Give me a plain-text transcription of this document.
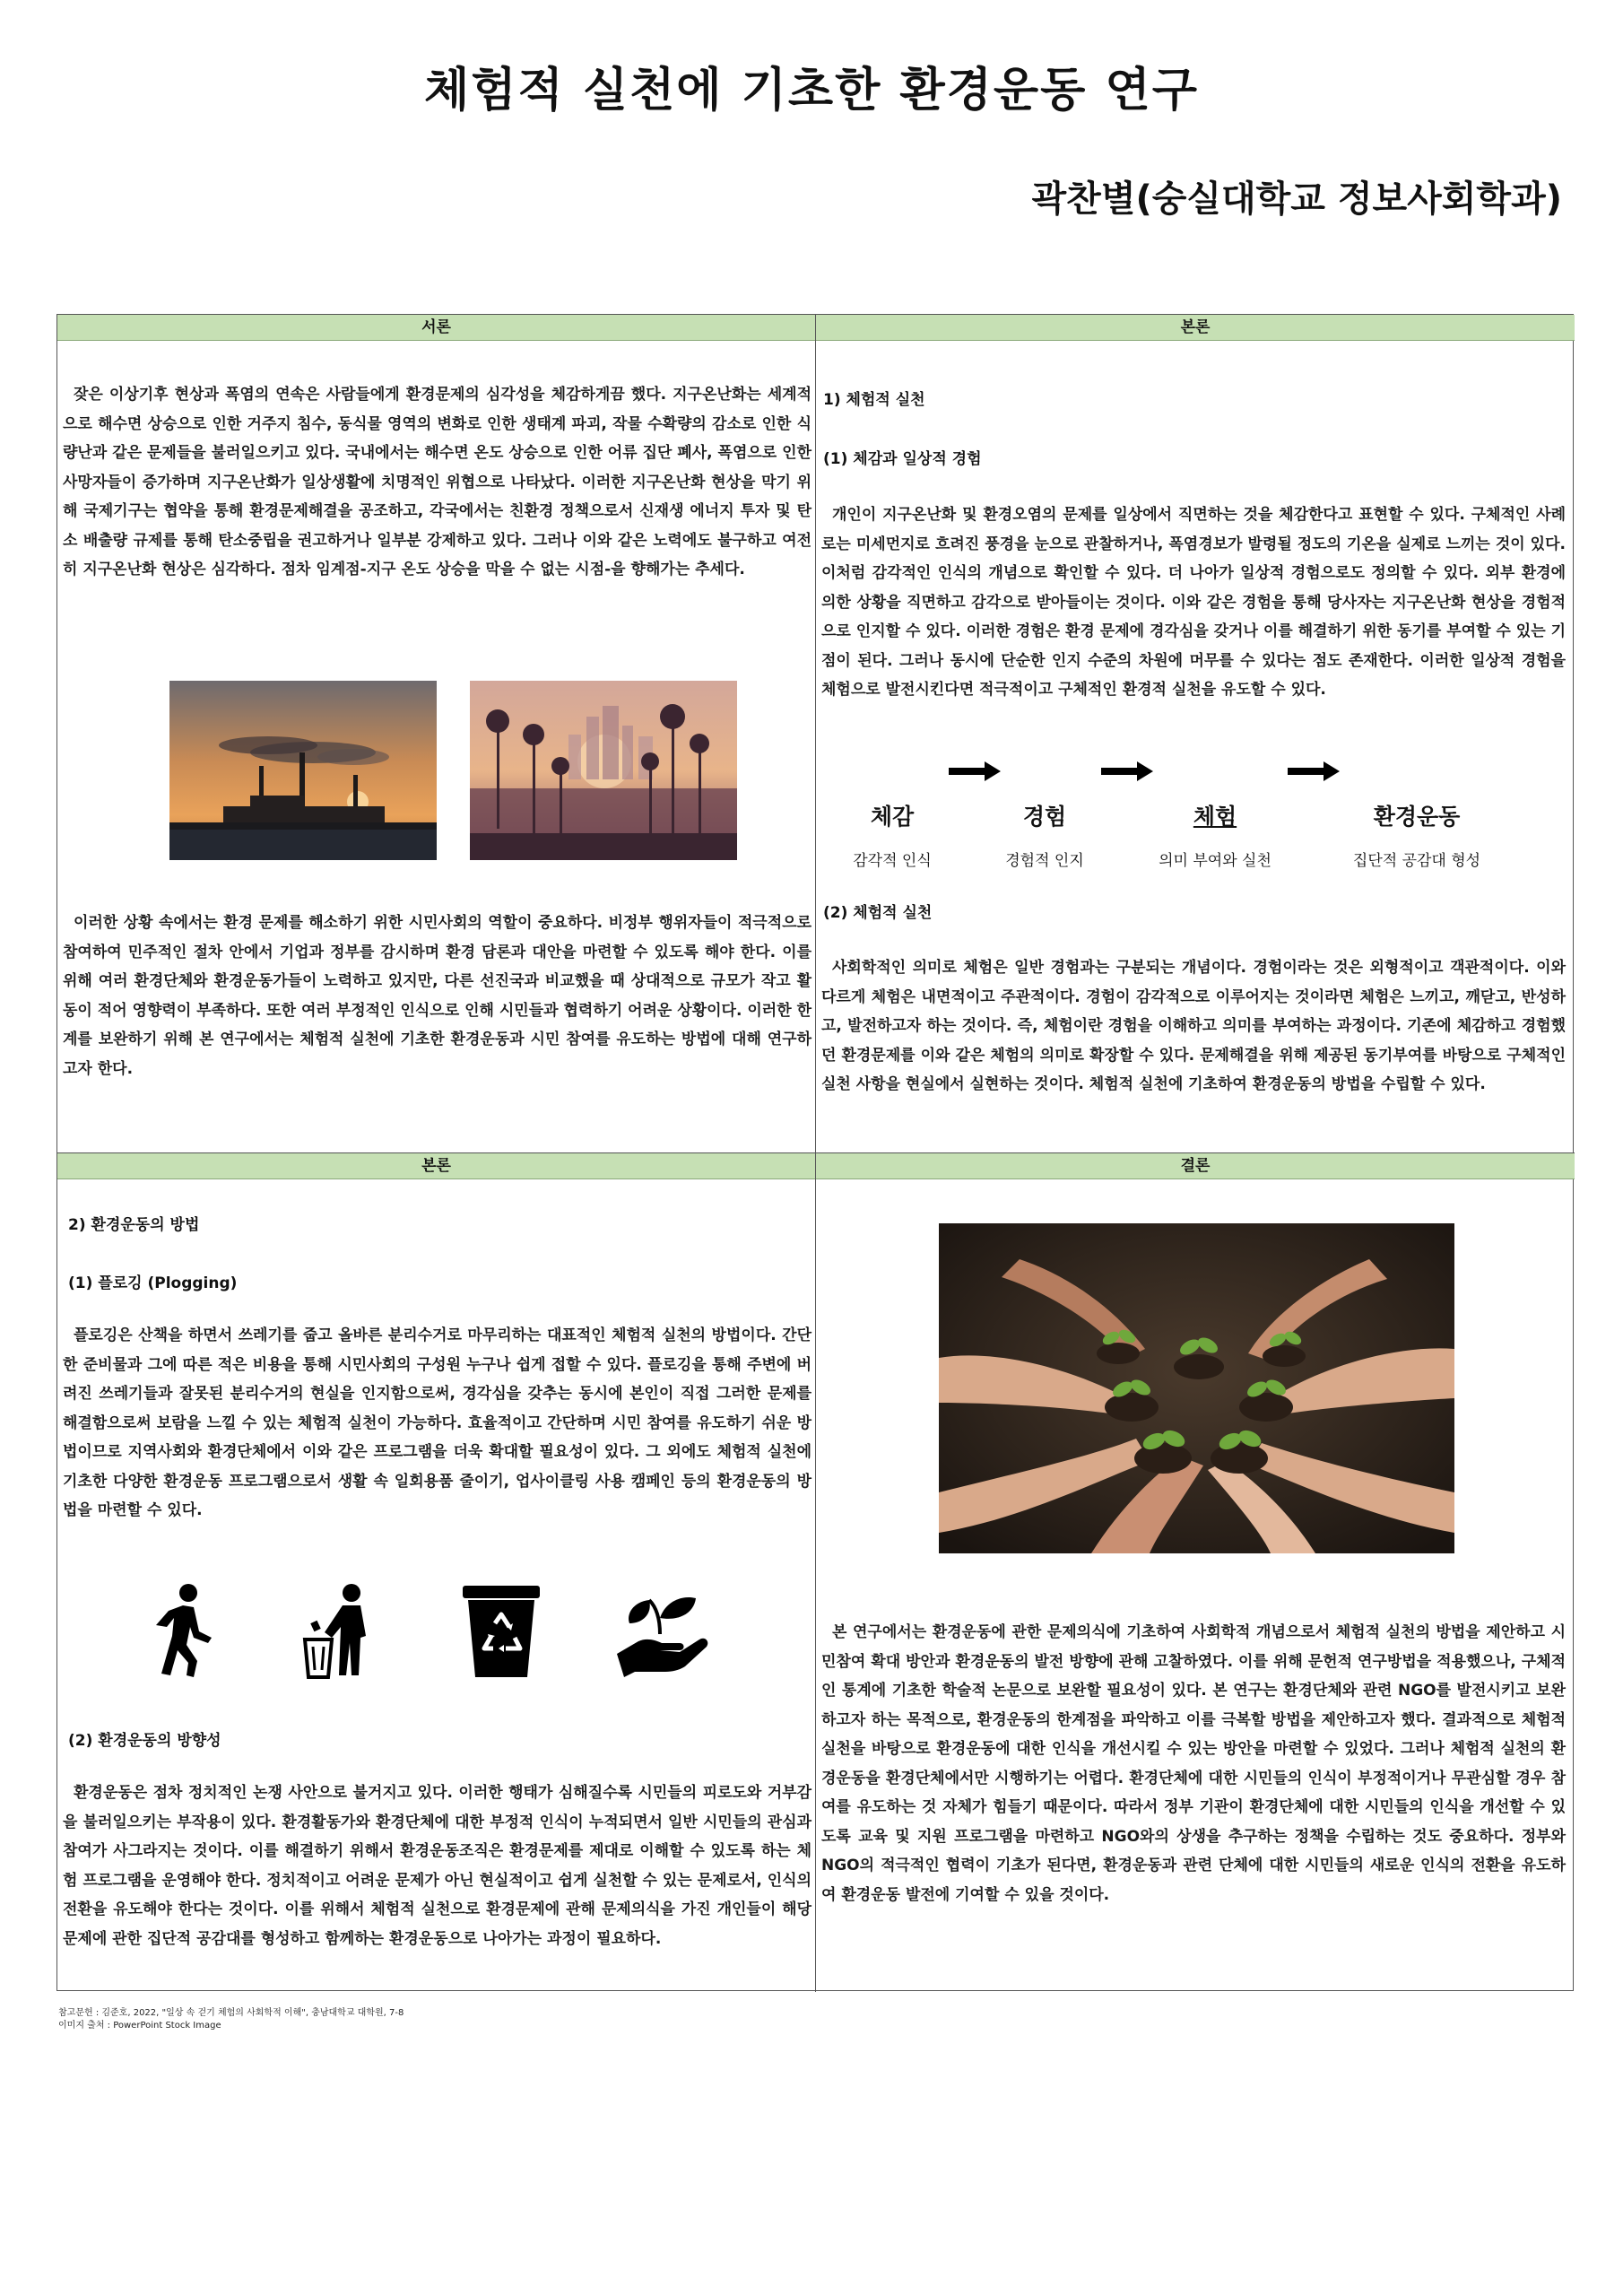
체험적 실천에 기초한 환경운동 연구
곽찬별(숭실대학교 정보사회학과)
서론
잦은 이상기후 현상과 폭염의 연속은 사람들에게 환경문제의 심각성을 체감하게끔 했다. 지구온난화는 세계적으로 해수면 상승으로 인한 거주지 침수, 동식물 영역의 변화로 인한 생태계 파괴, 작물 수확량의 감소로 인한 식량난과 같은 문제들을 불러일으키고 있다. 국내에서는 해수면 온도 상승으로 인한 어류 집단 폐사, 폭염으로 인한 사망자들이 증가하며 지구온난화가 일상생활에 치명적인 위협으로 나타났다. 이러한 지구온난화 현상을 막기 위해 국제기구는 협약을 통해 환경문제해결을 공조하고, 각국에서는 친환경 정책으로서 신재생 에너지 투자 및 탄소 배출량 규제를 통해 탄소중립을 권고하거나 일부분 강제하고 있다. 그러나 이와 같은 노력에도 불구하고 여전히 지구온난화 현상은 심각하다. 점차 임계점-지구 온도 상승을 막을 수 없는 시점-을 향해가는 추세다.
이러한 상황 속에서는 환경 문제를 해소하기 위한 시민사회의 역할이 중요하다. 비정부 행위자들이 적극적으로 참여하여 민주적인 절차 안에서 기업과 정부를 감시하며 환경 담론과 대안을 마련할 수 있도록 해야 한다. 이를 위해 여러 환경단체와 환경운동가들이 노력하고 있지만, 다른 선진국과 비교했을 때 상대적으로 규모가 작고 활동이 적어 영향력이 부족하다. 또한 여러 부정적인 인식으로 인해 시민들과 협력하기 어려운 상황이다. 이러한 한계를 보완하기 위해 본 연구에서는 체험적 실천에 기초한 환경운동과 시민 참여를 유도하는 방법에 대해 연구하고자 한다.
본론
1) 체험적 실천
(1) 체감과 일상적 경험
개인이 지구온난화 및 환경오염의 문제를 일상에서 직면하는 것을 체감한다고 표현할 수 있다. 구체적인 사례로는 미세먼지로 흐려진 풍경을 눈으로 관찰하거나, 폭염경보가 발령될 정도의 기온을 실제로 느끼는 것이 있다. 이처럼 감각적인 인식의 개념으로 확인할 수 있다. 더 나아가 일상적 경험으로도 정의할 수 있다. 외부 환경에 의한 상황을 직면하고 감각으로 받아들이는 것이다. 이와 같은 경험을 통해 당사자는 지구온난화 현상을 경험적으로 인지할 수 있다. 이러한 경험은 환경 문제에 경각심을 갖거나 이를 해결하기 위한 동기를 부여할 수 있는 기점이 된다. 그러나 동시에 단순한 인지 수준의 차원에 머무를 수 있다는 점도 존재한다. 이러한 일상적 경험을 체험으로 발전시킨다면 적극적이고 구체적인 환경적 실천을 유도할 수 있다.
체감
감각적 인식
경험
경험적 인지
체험
의미 부여와 실천
환경운동
집단적 공감대 형성
(2) 체험적 실천
사회학적인 의미로 체험은 일반 경험과는 구분되는 개념이다. 경험이라는 것은 외형적이고 객관적이다. 이와 다르게 체험은 내면적이고 주관적이다. 경험이 감각적으로 이루어지는 것이라면 체험은 느끼고, 깨닫고, 반성하고, 발전하고자 하는 것이다. 즉, 체험이란 경험을 이해하고 의미를 부여하는 과정이다. 기존에 체감하고 경험했던 환경문제를 이와 같은 체험의 의미로 확장할 수 있다. 문제해결을 위해 제공된 동기부여를 바탕으로 구체적인 실천 사항을 현실에서 실현하는 것이다. 체험적 실천에 기초하여 환경운동의 방법을 수립할 수 있다.
본론
2) 환경운동의 방법
(1) 플로깅 (Plogging)
플로깅은 산책을 하면서 쓰레기를 줍고 올바른 분리수거로 마무리하는 대표적인 체험적 실천의 방법이다. 간단한 준비물과 그에 따른 적은 비용을 통해 시민사회의 구성원 누구나 쉽게 접할 수 있다. 플로깅을 통해 주변에 버려진 쓰레기들과 잘못된 분리수거의 현실을 인지함으로써, 경각심을 갖추는 동시에 본인이 직접 그러한 문제를 해결함으로써 보람을 느낄 수 있는 체험적 실천이 가능하다. 효율적이고 간단하며 시민 참여를 유도하기 쉬운 방법이므로 지역사회와 환경단체에서 이와 같은 프로그램을 더욱 확대할 필요성이 있다. 그 외에도 체험적 실천에 기초한 다양한 환경운동 프로그램으로서 생활 속 일회용품 줄이기, 업사이클링 사용 캠페인 등의 환경운동의 방법을 마련할 수 있다.
(2) 환경운동의 방향성
환경운동은 점차 정치적인 논쟁 사안으로 불거지고 있다. 이러한 행태가 심해질수록 시민들의 피로도와 거부감을 불러일으키는 부작용이 있다. 환경활동가와 환경단체에 대한 부정적 인식이 누적되면서 일반 시민들의 관심과 참여가 사그라지는 것이다. 이를 해결하기 위해서 환경운동조직은 환경문제를 제대로 이해할 수 있도록 하는 체험 프로그램을 운영해야 한다. 정치적이고 어려운 문제가 아닌 현실적이고 쉽게 실천할 수 있는 문제로서, 인식의 전환을 유도해야 한다는 것이다. 이를 위해서 체험적 실천으로 환경문제에 관해 문제의식을 가진 개인들이 해당 문제에 관한 집단적 공감대를 형성하고 함께하는 환경운동으로 나아가는 과정이 필요하다.
결론
본 연구에서는 환경운동에 관한 문제의식에 기초하여 사회학적 개념으로서 체험적 실천의 방법을 제안하고 시민참여 확대 방안과 환경운동의 발전 방향에 관해 고찰하였다. 이를 위해 문헌적 연구방법을 적용했으나, 구체적인 통계에 기초한 학술적 논문으로 보완할 필요성이 있다. 본 연구는 환경단체와 관련 NGO를 발전시키고 보완하고자 하는 목적으로, 환경운동의 한계점을 파악하고 이를 극복할 방법을 제안하고자 했다. 결과적으로 체험적 실천을 바탕으로 환경운동에 대한 인식을 개선시킬 수 있는 방안을 마련할 수 있었다. 그러나 체험적 실천의 환경운동을 환경단체에서만 시행하기는 어렵다. 환경단체에 대한 시민들의 인식이 부정적이거나 무관심할 경우 참여를 유도하는 것 자체가 힘들기 때문이다. 따라서 정부 기관이 환경단체에 대한 시민들의 인식을 개선할 수 있도록 교육 및 지원 프로그램을 마련하고 NGO와의 상생을 추구하는 정책을 수립하는 것도 중요하다. 정부와 NGO의 적극적인 협력이 기초가 된다면, 환경운동과 관련 단체에 대한 시민들의 새로운 인식의 전환을 유도하여 환경운동 발전에 기여할 수 있을 것이다.
참고문헌 : 김준호, 2022, "일상 속 걷기 체험의 사회학적 이해", 충남대학교 대학원, 7-8
이미지 출처 : PowerPoint Stock Image
